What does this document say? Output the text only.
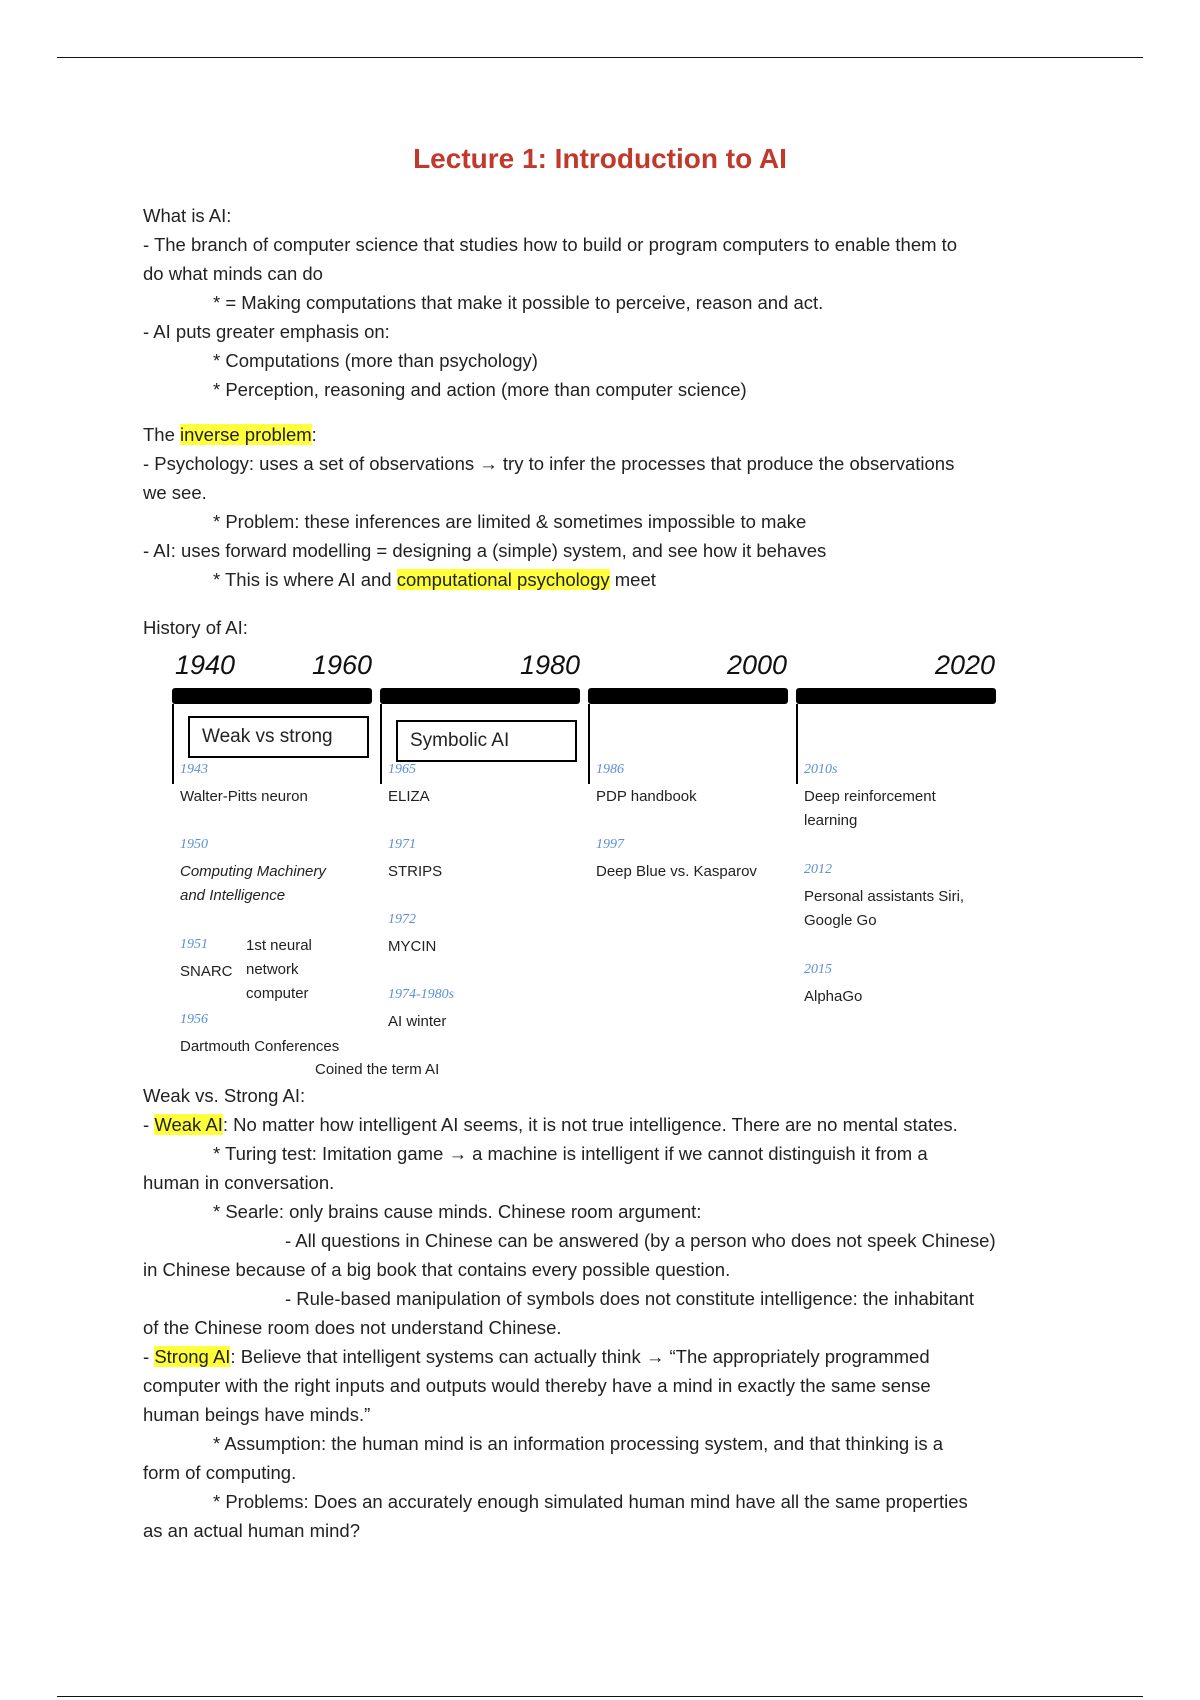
Lecture 1: Introduction to AI

What is AI:

- The branch of computer science that studies how to build or program computers to enable them to

do what minds can do

* = Making computations that make it possible to perceive, reason and act.

- AI puts greater emphasis on:

* Computations (more than psychology)

* Perception, reasoning and action (more than computer science)

The inverse problem:

- Psychology: uses a set of observations → try to infer the processes that produce the observations

we see.

* Problem: these inferences are limited & sometimes impossible to make

- AI: uses forward modelling = designing a (simple) system, and see how it behaves

* This is where AI and computational psychology meet

History of AI:

1940	1960	1980	2000	2020
Weak vs strong	Symbolic AI
1943
Walter-Pitts neuron
1950
Computing Machinery and Intelligence
1951
SNARC
1st neural network computer
1956
Dartmouth Conferences
Coined the term AI
1965
ELIZA
1971
STRIPS
1972
MYCIN
1974-1980s
AI winter
1986
PDP handbook
1997
Deep Blue vs. Kasparov
2010s
Deep reinforcement learning
2012
Personal assistants Siri, Google Go
2015
AlphaGo

Weak vs. Strong AI:

- Weak AI: No matter how intelligent AI seems, it is not true intelligence. There are no mental states.

* Turing test: Imitation game → a machine is intelligent if we cannot distinguish it from a

human in conversation.

* Searle: only brains cause minds. Chinese room argument:

- All questions in Chinese can be answered (by a person who does not speek Chinese)

in Chinese because of a big book that contains every possible question.

- Rule-based manipulation of symbols does not constitute intelligence: the inhabitant

of the Chinese room does not understand Chinese.

- Strong AI: Believe that intelligent systems can actually think → “The appropriately programmed

computer with the right inputs and outputs would thereby have a mind in exactly the same sense

human beings have minds.”

* Assumption: the human mind is an information processing system, and that thinking is a

form of computing.

* Problems: Does an accurately enough simulated human mind have all the same properties

as an actual human mind?
